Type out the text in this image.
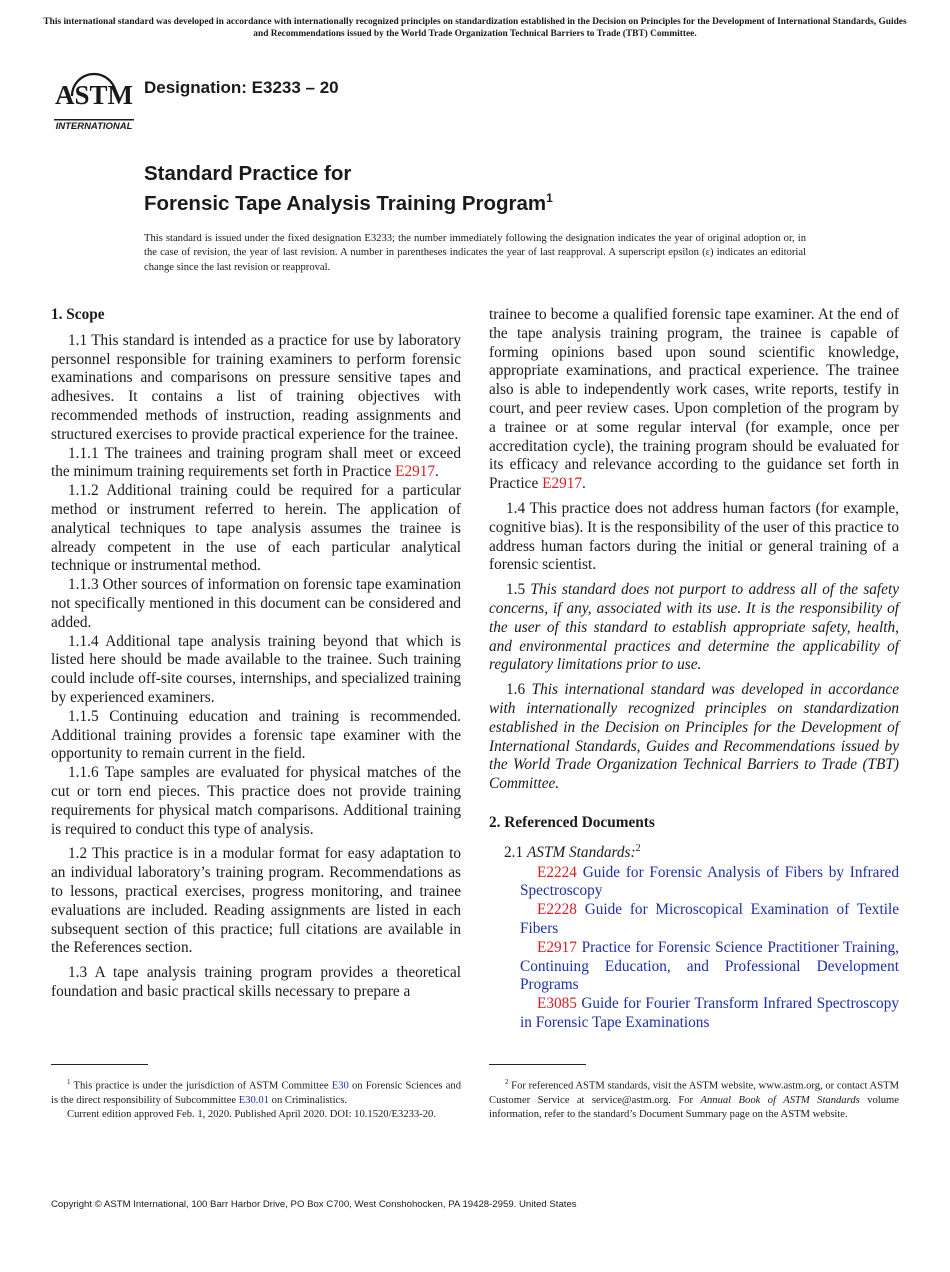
This international standard was developed in accordance with internationally recognized principles on standardization established in the Decision on Principles for the Development of International Standards, Guides and Recommendations issued by the World Trade Organization Technical Barriers to Trade (TBT) Committee.
ASTM
INTERNATIONAL
Designation: E3233 – 20
Standard Practice for
Forensic Tape Analysis Training Program$^1$
This standard is issued under the fixed designation E3233; the number immediately following the designation indicates the year of original adoption or, in the case of revision, the year of last revision. A number in parentheses indicates the year of last reapproval. A superscript epsilon (ε) indicates an editorial change since the last revision or reapproval.
1. Scope

1.1 This standard is intended as a practice for use by laboratory personnel responsible for training examiners to perform forensic examinations and comparisons on pressure sensitive tapes and adhesives. It contains a list of training objectives with recommended methods of instruction, reading assignments and structured exercises to provide practical experience for the trainee.

1.1.1 The trainees and training program shall meet or exceed the minimum training requirements set forth in Practice E2917.

1.1.2 Additional training could be required for a particular method or instrument referred to herein. The application of analytical techniques to tape analysis assumes the trainee is already competent in the use of each particular analytical technique or instrumental method.

1.1.3 Other sources of information on forensic tape examination not specifically mentioned in this document can be considered and added.

1.1.4 Additional tape analysis training beyond that which is listed here should be made available to the trainee. Such training could include off-site courses, internships, and specialized training by experienced examiners.

1.1.5 Continuing education and training is recommended. Additional training provides a forensic tape examiner with the opportunity to remain current in the field.

1.1.6 Tape samples are evaluated for physical matches of the cut or torn end pieces. This practice does not provide training requirements for physical match comparisons. Additional training is required to conduct this type of analysis.

1.2 This practice is in a modular format for easy adaptation to an individual laboratory’s training program. Recommendations as to lessons, practical exercises, progress monitoring, and trainee evaluations are included. Reading assignments are listed in each subsequent section of this practice; full citations are available in the References section.

1.3 A tape analysis training program provides a theoretical foundation and basic practical skills necessary to prepare a

trainee to become a qualified forensic tape examiner. At the end of the tape analysis training program, the trainee is capable of forming opinions based upon sound scientific knowledge, appropriate examinations, and practical experience. The trainee also is able to independently work cases, write reports, testify in court, and peer review cases. Upon completion of the program by a trainee or at some regular interval (for example, once per accreditation cycle), the training program should be evaluated for its efficacy and relevance according to the guidance set forth in Practice E2917.

1.4 This practice does not address human factors (for example, cognitive bias). It is the responsibility of the user of this practice to address human factors during the initial or general training of a forensic scientist.

1.5 This standard does not purport to address all of the safety concerns, if any, associated with its use. It is the responsibility of the user of this standard to establish appropriate safety, health, and environmental practices and determine the applicability of regulatory limitations prior to use.

1.6 This international standard was developed in accordance with internationally recognized principles on standardization established in the Decision on Principles for the Development of International Standards, Guides and Recommendations issued by the World Trade Organization Technical Barriers to Trade (TBT) Committee.

2. Referenced Documents
2.1 ASTM Standards:$^2$

E2224 Guide for Forensic Analysis of Fibers by Infrared Spectroscopy

E2228 Guide for Microscopical Examination of Textile Fibers

E2917 Practice for Forensic Science Practitioner Training, Continuing Education, and Professional Development Programs

E3085 Guide for Fourier Transform Infrared Spectroscopy in Forensic Tape Examinations

$^1$ This practice is under the jurisdiction of ASTM Committee E30 on Forensic Sciences and is the direct responsibility of Subcommittee E30.01 on Criminalistics.

Current edition approved Feb. 1, 2020. Published April 2020. DOI: 10.1520/E3233-20.

$^2$ For referenced ASTM standards, visit the ASTM website, www.astm.org, or contact ASTM Customer Service at service@astm.org. For Annual Book of ASTM Standards volume information, refer to the standard’s Document Summary page on the ASTM website.

Copyright © ASTM International, 100 Barr Harbor Drive, PO Box C700, West Conshohocken, PA 19428-2959. United States
